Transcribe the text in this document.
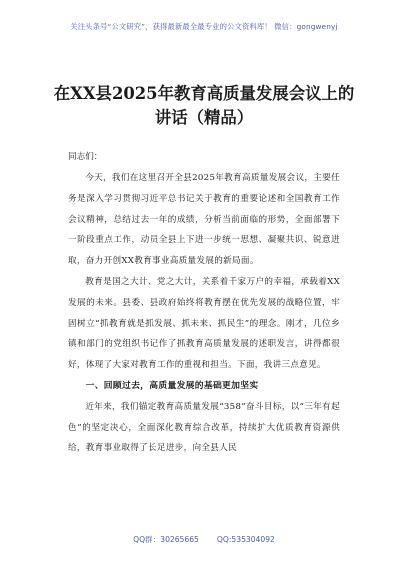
关注头条号“公文研究”，获得最新最全最专业的公文资料库！ 微信：gongwenyj
在XX县2025年教育高质量发展会议上的
讲话（精品）
同志们：

今天，我们在这里召开全县2025年教育高质量发展会议，主要任务是深入学习贯彻习近平总书记关于教育的重要论述和全国教育工作会议精神，总结过去一年的成绩，分析当前面临的形势，全面部署下一阶段重点工作，动员全县上下进一步统一思想、凝聚共识、锐意进取，奋力开创XX教育事业高质量发展的新局面。

教育是国之大计、党之大计，关系着千家万户的幸福，承载着XX发展的未来。县委、县政府始终将教育摆在优先发展的战略位置，牢固树立“抓教育就是抓发展、抓未来、抓民生”的理念。刚才，几位乡镇和部门的党组织书记作了抓教育高质量发展的述职发言，讲得都很好，体现了大家对教育工作的重视和担当。下面，我讲三点意见。

一、回顾过去，高质量发展的基础更加坚实

近年来，我们锚定教育高质量发展“358”奋斗目标，以“三年有起色”的坚定决心，全面深化教育综合改革，持续扩大优质教育资源供给，教育事业取得了长足进步，向全县人民

QQ群：30265665 QQ:535304092
